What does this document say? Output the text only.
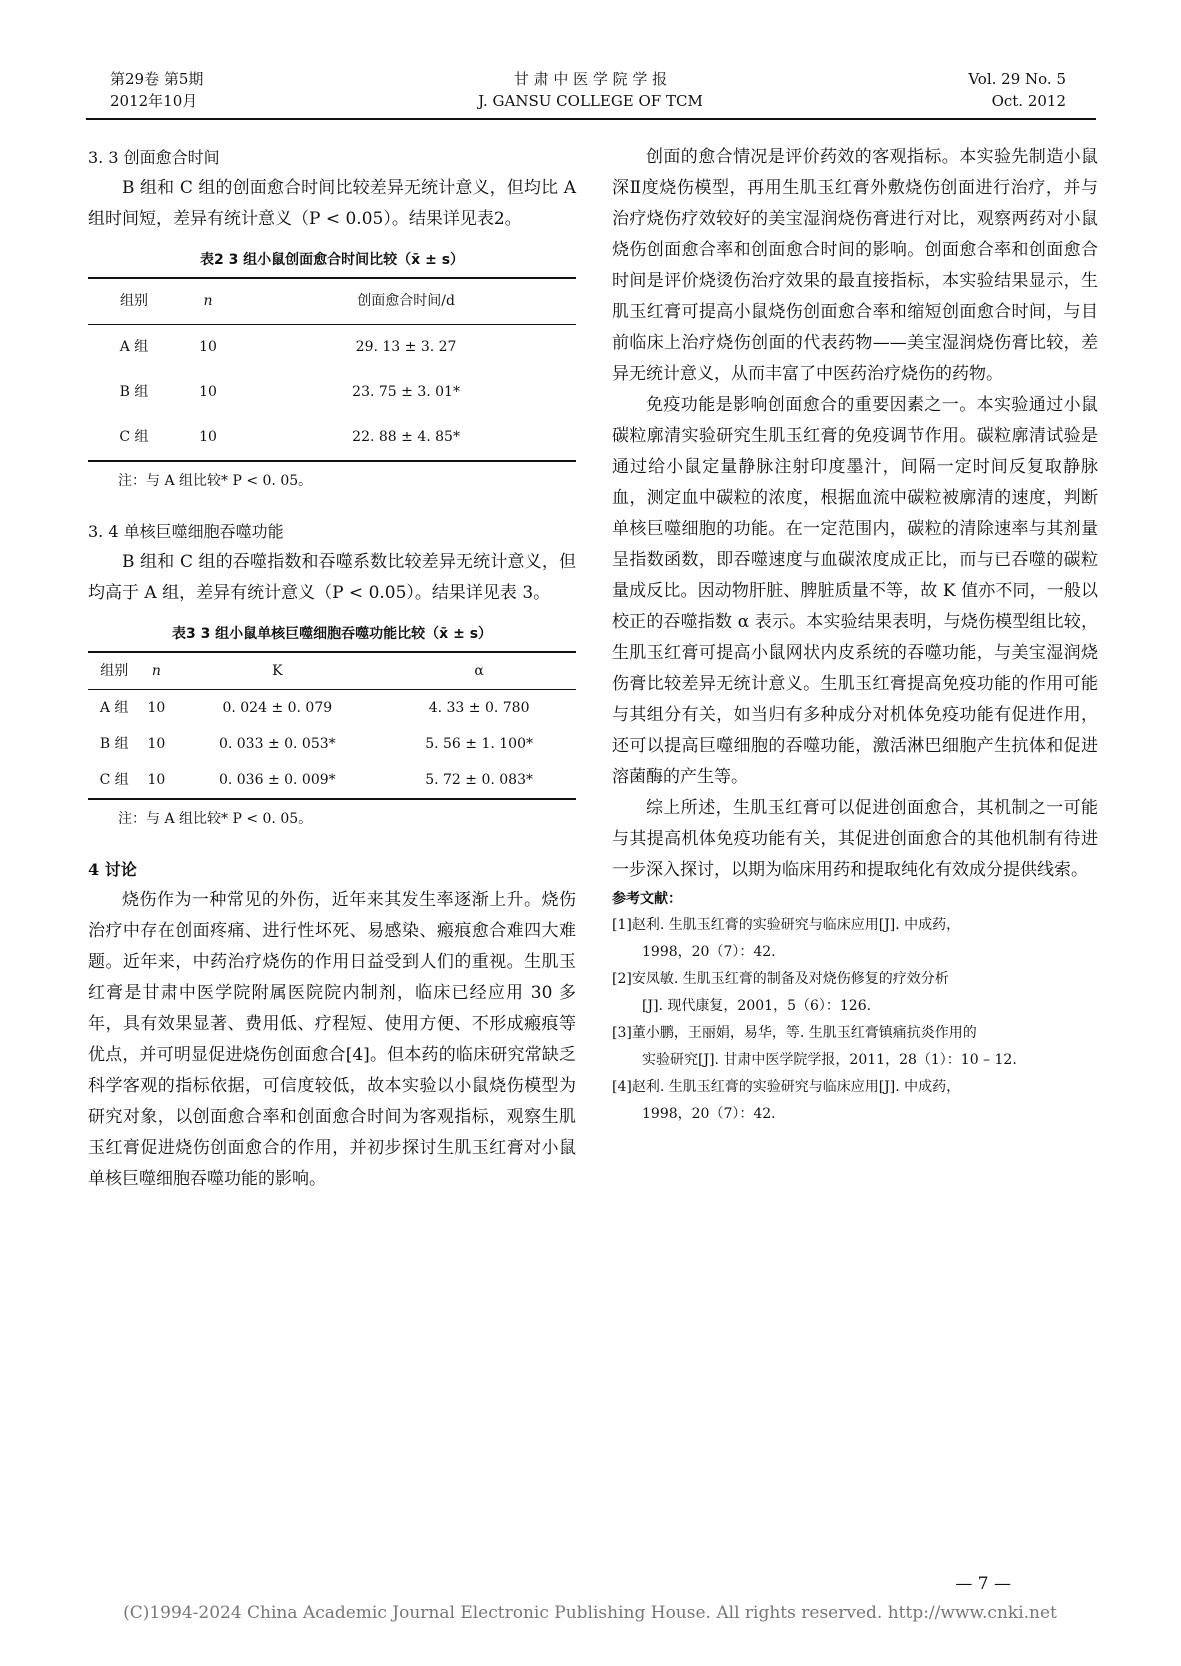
第29卷 第5期
2012年10月
甘 肃 中 医 学 院 学 报
J. GANSU COLLEGE OF TCM
Vol. 29 No. 5
Oct. 2012

3. 3 创面愈合时间

B 组和 C 组的创面愈合时间比较差异无统计意义，但均比 A 组时间短，差异有统计意义（P < 0.05）。结果详见表2。

表2 3 组小鼠创面愈合时间比较（x̄ ± s）
组别	n	创面愈合时间/d
A 组	10	29. 13 ± 3. 27
B 组	10	23. 75 ± 3. 01*
C 组	10	22. 88 ± 4. 85*
注：与 A 组比较* P < 0. 05。

3. 4 单核巨噬细胞吞噬功能

B 组和 C 组的吞噬指数和吞噬系数比较差异无统计意义，但均高于 A 组，差异有统计意义（P < 0.05）。结果详见表 3。

表3 3 组小鼠单核巨噬细胞吞噬功能比较（x̄ ± s）
组别	n	K	α
A 组	10	0. 024 ± 0. 079	4. 33 ± 0. 780
B 组	10	0. 033 ± 0. 053*	5. 56 ± 1. 100*
C 组	10	0. 036 ± 0. 009*	5. 72 ± 0. 083*
注：与 A 组比较* P < 0. 05。

4 讨论

烧伤作为一种常见的外伤，近年来其发生率逐渐上升。烧伤治疗中存在创面疼痛、进行性坏死、易感染、瘢痕愈合难四大难题。近年来，中药治疗烧伤的作用日益受到人们的重视。生肌玉红膏是甘肃中医学院附属医院院内制剂，临床已经应用 30 多年，具有效果显著、费用低、疗程短、使用方便、不形成瘢痕等优点，并可明显促进烧伤创面愈合[4]。但本药的临床研究常缺乏科学客观的指标依据，可信度较低，故本实验以小鼠烧伤模型为研究对象，以创面愈合率和创面愈合时间为客观指标，观察生肌玉红膏促进烧伤创面愈合的作用，并初步探讨生肌玉红膏对小鼠单核巨噬细胞吞噬功能的影响。

创面的愈合情况是评价药效的客观指标。本实验先制造小鼠深Ⅱ度烧伤模型，再用生肌玉红膏外敷烧伤创面进行治疗，并与治疗烧伤疗效较好的美宝湿润烧伤膏进行对比，观察两药对小鼠烧伤创面愈合率和创面愈合时间的影响。创面愈合率和创面愈合时间是评价烧烫伤治疗效果的最直接指标，本实验结果显示，生肌玉红膏可提高小鼠烧伤创面愈合率和缩短创面愈合时间，与目前临床上治疗烧伤创面的代表药物——美宝湿润烧伤膏比较，差异无统计意义，从而丰富了中医药治疗烧伤的药物。

免疫功能是影响创面愈合的重要因素之一。本实验通过小鼠碳粒廓清实验研究生肌玉红膏的免疫调节作用。碳粒廓清试验是通过给小鼠定量静脉注射印度墨汁，间隔一定时间反复取静脉血，测定血中碳粒的浓度，根据血流中碳粒被廓清的速度，判断单核巨噬细胞的功能。在一定范围内，碳粒的清除速率与其剂量呈指数函数，即吞噬速度与血碳浓度成正比，而与已吞噬的碳粒量成反比。因动物肝脏、脾脏质量不等，故 K 值亦不同，一般以校正的吞噬指数 α 表示。本实验结果表明，与烧伤模型组比较，生肌玉红膏可提高小鼠网状内皮系统的吞噬功能，与美宝湿润烧伤膏比较差异无统计意义。生肌玉红膏提高免疫功能的作用可能与其组分有关，如当归有多种成分对机体免疫功能有促进作用，还可以提高巨噬细胞的吞噬功能，激活淋巴细胞产生抗体和促进溶菌酶的产生等。

综上所述，生肌玉红膏可以促进创面愈合，其机制之一可能与其提高机体免疫功能有关，其促进创面愈合的其他机制有待进一步深入探讨，以期为临床用药和提取纯化有效成分提供线索。

参考文献：

[1]赵利. 生肌玉红膏的实验研究与临床应用[J]. 中成药，
1998，20（7）：42.

[2]安凤敏. 生肌玉红膏的制备及对烧伤修复的疗效分析
[J]. 现代康复，2001，5（6）：126.

[3]董小鹏，王丽娟，易华，等. 生肌玉红膏镇痛抗炎作用的
实验研究[J]. 甘肃中医学院学报，2011，28（1）：10 – 12.

[4]赵利. 生肌玉红膏的实验研究与临床应用[J]. 中成药，
1998，20（7）：42.

— 7 —
(C)1994-2024 China Academic Journal Electronic Publishing House. All rights reserved. http://www.cnki.net
